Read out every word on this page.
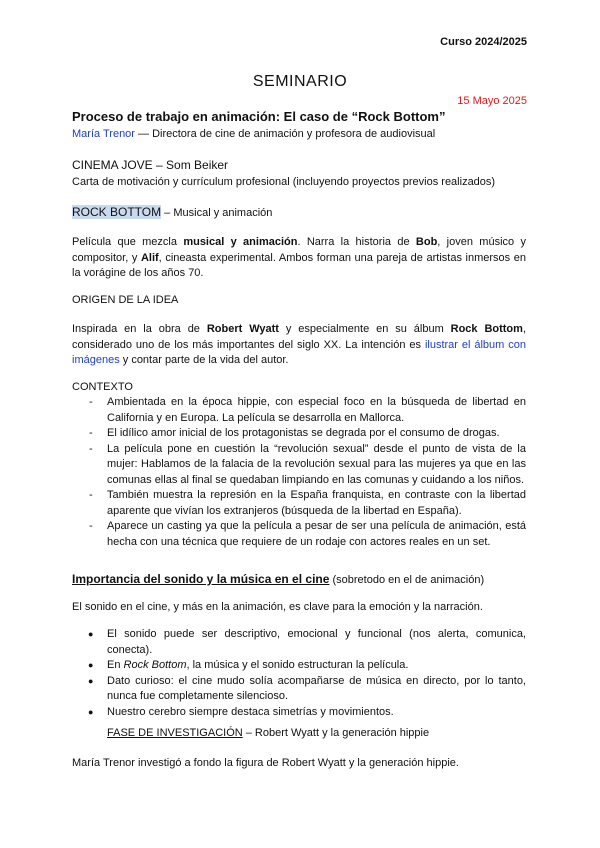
Curso 2024/2025
SEMINARIO
15 Mayo 2025
Proceso de trabajo en animación: El caso de “Rock Bottom”
María Trenor — Directora de cine de animación y profesora de audiovisual
CINEMA JOVE – Som Beiker
Carta de motivación y currículum profesional (incluyendo proyectos previos realizados)
ROCK BOTTOM – Musical y animación
Película que mezcla musical y animación. Narra la historia de Bob, joven músico y compositor, y Alif, cineasta experimental. Ambos forman una pareja de artistas inmersos en la vorágine de los años 70.
ORIGEN DE LA IDEA
Inspirada en la obra de Robert Wyatt y especialmente en su álbum Rock Bottom, considerado uno de los más importantes del siglo XX. La intención es ilustrar el álbum con imágenes y contar parte de la vida del autor.
CONTEXTO
- Ambientada en la época hippie, con especial foco en la búsqueda de libertad en California y en Europa. La película se desarrolla en Mallorca.
- El idílico amor inicial de los protagonistas se degrada por el consumo de drogas.
- La película pone en cuestión la “revolución sexual” desde el punto de vista de la mujer: Hablamos de la falacia de la revolución sexual para las mujeres ya que en las comunas ellas al final se quedaban limpiando en las comunas y cuidando a los niños.
- También muestra la represión en la España franquista, en contraste con la libertad aparente que vivían los extranjeros (búsqueda de la libertad en España).
- Aparece un casting ya que la película a pesar de ser una película de animación, está hecha con una técnica que requiere de un rodaje con actores reales en un set.
Importancia del sonido y la música en el cine (sobretodo en el de animación)
El sonido en el cine, y más en la animación, es clave para la emoción y la narración.
● El sonido puede ser descriptivo, emocional y funcional (nos alerta, comunica, conecta).
● En Rock Bottom, la música y el sonido estructuran la película.
● Dato curioso: el cine mudo solía acompañarse de música en directo, por lo tanto, nunca fue completamente silencioso.
● Nuestro cerebro siempre destaca simetrías y movimientos.
FASE DE INVESTIGACIÓN – Robert Wyatt y la generación hippie
María Trenor investigó a fondo la figura de Robert Wyatt y la generación hippie.
